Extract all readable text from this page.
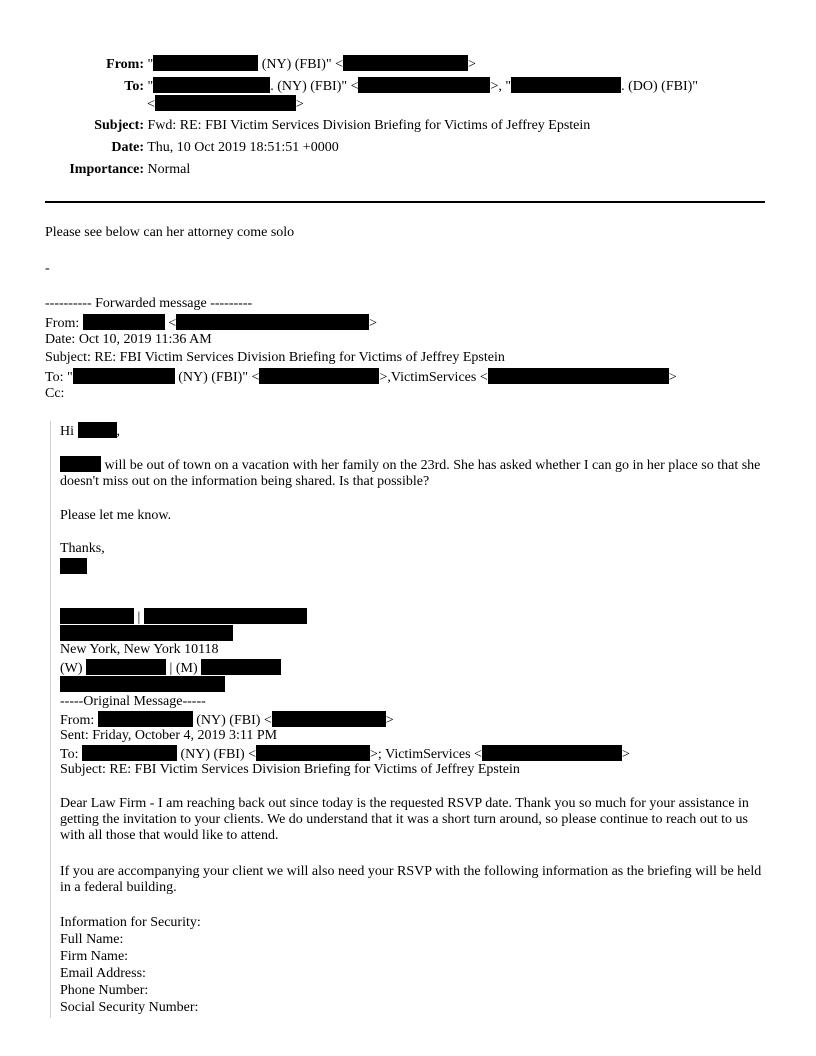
From: "	(NY) (FBI)" <	>
To: "	. (NY) (FBI)" <	>, "	. (DO) (FBI)"
<	>
Subject: Fwd: RE: FBI Victim Services Division Briefing for Victims of Jeffrey Epstein
Date: Thu, 10 Oct 2019 18:51:51 +0000
Importance: Normal
Please see below can her attorney come solo
-
---------- Forwarded message ---------
From:	<	>
Date: Oct 10, 2019 11:36 AM
Subject: RE: FBI Victim Services Division Briefing for Victims of Jeffrey Epstein
To: "	(NY) (FBI)" <	>,VictimServices <	>
Cc:
Hi	,
will be out of town on a vacation with her family on the 23rd. She has asked whether I can go in her place so that she doesn't miss out on the information being shared. Is that possible?
Please let me know.
Thanks,
|
New York, New York 10118
(W)	| (M)
-----Original Message-----
From:	(NY) (FBI) <	>
Sent: Friday, October 4, 2019 3:11 PM
To:	(NY) (FBI) <	>; VictimServices <	>
Subject: RE: FBI Victim Services Division Briefing for Victims of Jeffrey Epstein
Dear Law Firm - I am reaching back out since today is the requested RSVP date. Thank you so much for your assistance in getting the invitation to your clients. We do understand that it was a short turn around, so please continue to reach out to us with all those that would like to attend.
If you are accompanying your client we will also need your RSVP with the following information as the briefing will be held in a federal building.
Information for Security:
Full Name:
Firm Name:
Email Address:
Phone Number:
Social Security Number:
